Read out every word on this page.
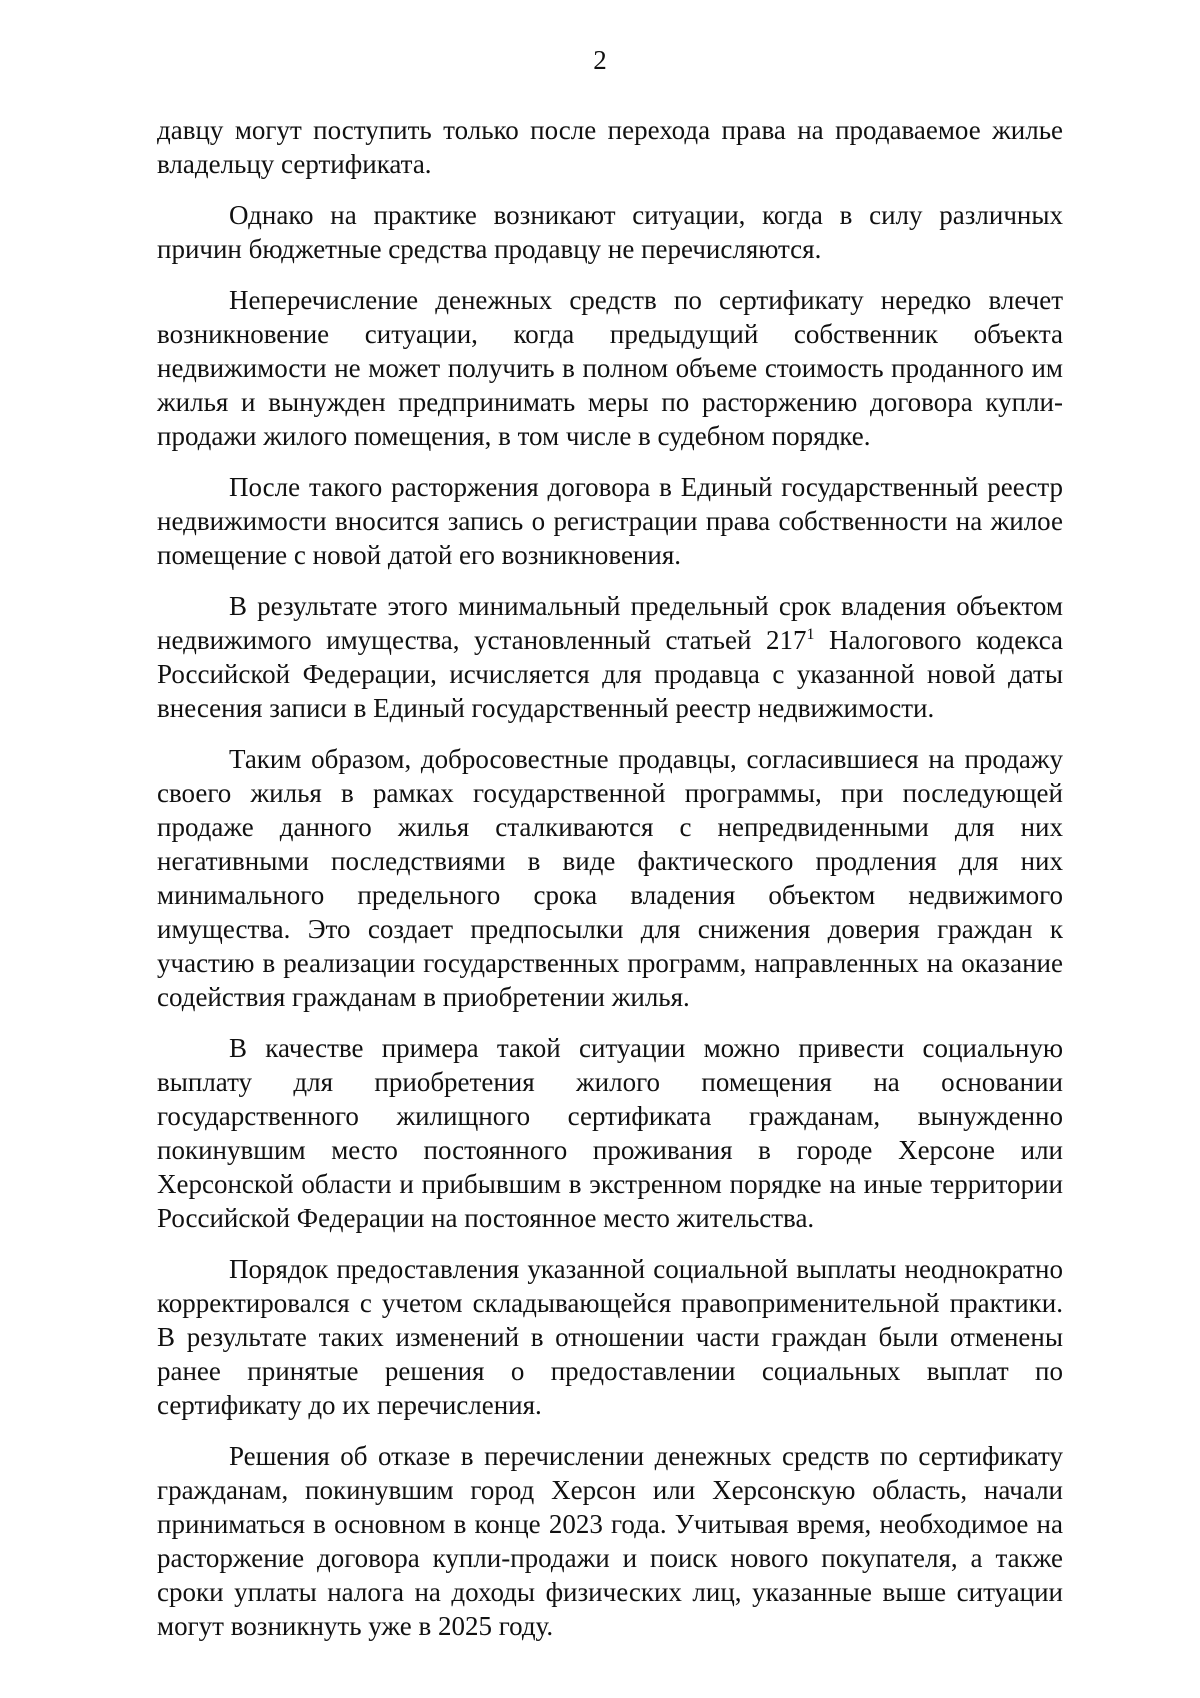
2

давцу могут поступить только после перехода права на продаваемое жилье владельцу сертификата.

Однако на практике возникают ситуации, когда в силу различных причин бюджетные средства продавцу не перечисляются.

Неперечисление денежных средств по сертификату нередко влечет возникновение ситуации, когда предыдущий собственник объекта недвижимости не может получить в полном объеме стоимость проданного им жилья и вынужден предпринимать меры по расторжению договора купли-продажи жилого помещения, в том числе в судебном порядке.

После такого расторжения договора в Единый государственный реестр недвижимости вносится запись о регистрации права собственности на жилое помещение с новой датой его возникновения.

В результате этого минимальный предельный срок владения объектом недвижимого имущества, установленный статьей $217^1$ Налогового кодекса Российской Федерации, исчисляется для продавца с указанной новой даты внесения записи в Единый государственный реестр недвижимости.

Таким образом, добросовестные продавцы, согласившиеся на продажу своего жилья в рамках государственной программы, при последующей продаже данного жилья сталкиваются с непредвиденными для них негативными последствиями в виде фактического продления для них минимального предельного срока владения объектом недвижимого имущества. Это создает предпосылки для снижения доверия граждан к участию в реализации государственных программ, направленных на оказание содействия гражданам в приобретении жилья.

В качестве примера такой ситуации можно привести социальную выплату для приобретения жилого помещения на основании государственного жилищного сертификата гражданам, вынужденно покинувшим место постоянного проживания в городе Херсоне или Херсонской области и прибывшим в экстренном порядке на иные территории Российской Федерации на постоянное место жительства.

Порядок предоставления указанной социальной выплаты неоднократно корректировался с учетом складывающейся правоприменительной практики. В результате таких изменений в отношении части граждан были отменены ранее принятые решения о предоставлении социальных выплат по сертификату до их перечисления.

Решения об отказе в перечислении денежных средств по сертификату гражданам, покинувшим город Херсон или Херсонскую область, начали приниматься в основном в конце 2023 года. Учитывая время, необходимое на расторжение договора купли-продажи и поиск нового покупателя, а также сроки уплаты налога на доходы физических лиц, указанные выше ситуации могут возникнуть уже в 2025 году.
